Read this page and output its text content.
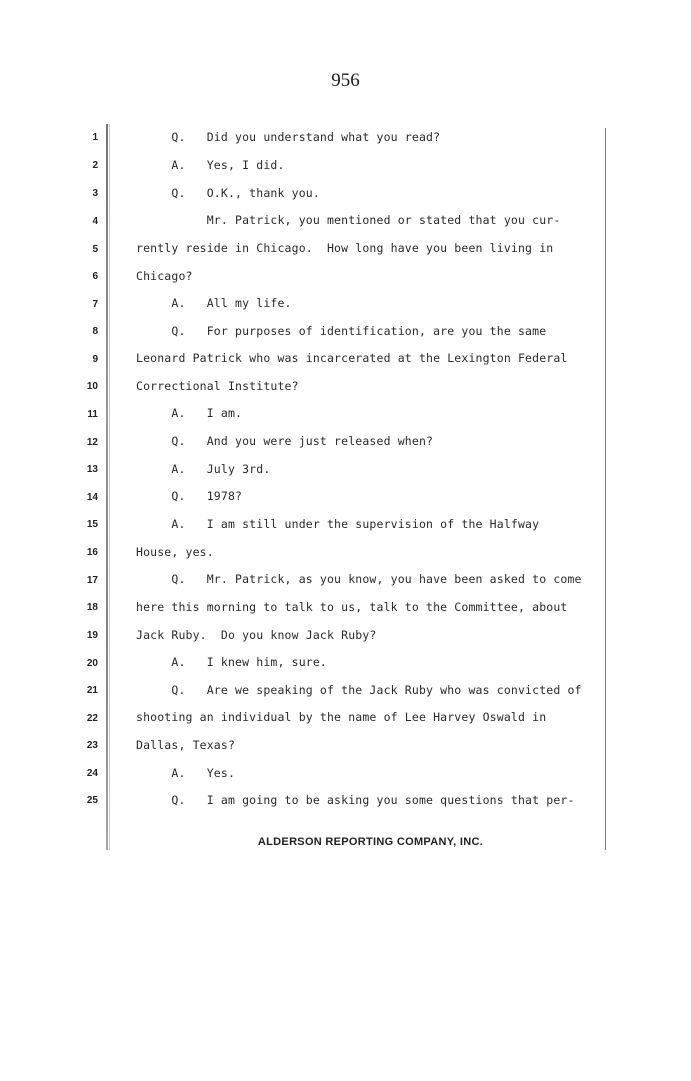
956
1	Q.   Did you understand what you read?
2	A.   Yes, I did.
3	Q.   O.K., thank you.
4	Mr. Patrick, you mentioned or stated that you cur-
5	rently reside in Chicago.  How long have you been living in
6	Chicago?
7	A.   All my life.
8	Q.   For purposes of identification, are you the same
9	Leonard Patrick who was incarcerated at the Lexington Federal
10	Correctional Institute?
11	A.   I am.
12	Q.   And you were just released when?
13	A.   July 3rd.
14	Q.   1978?
15	A.   I am still under the supervision of the Halfway
16	House, yes.
17	Q.   Mr. Patrick, as you know, you have been asked to come
18	here this morning to talk to us, talk to the Committee, about
19	Jack Ruby.  Do you know Jack Ruby?
20	A.   I knew him, sure.
21	Q.   Are we speaking of the Jack Ruby who was convicted of
22	shooting an individual by the name of Lee Harvey Oswald in
23	Dallas, Texas?
24	A.   Yes.
25	Q.   I am going to be asking you some questions that per-
ALDERSON REPORTING COMPANY, INC.
